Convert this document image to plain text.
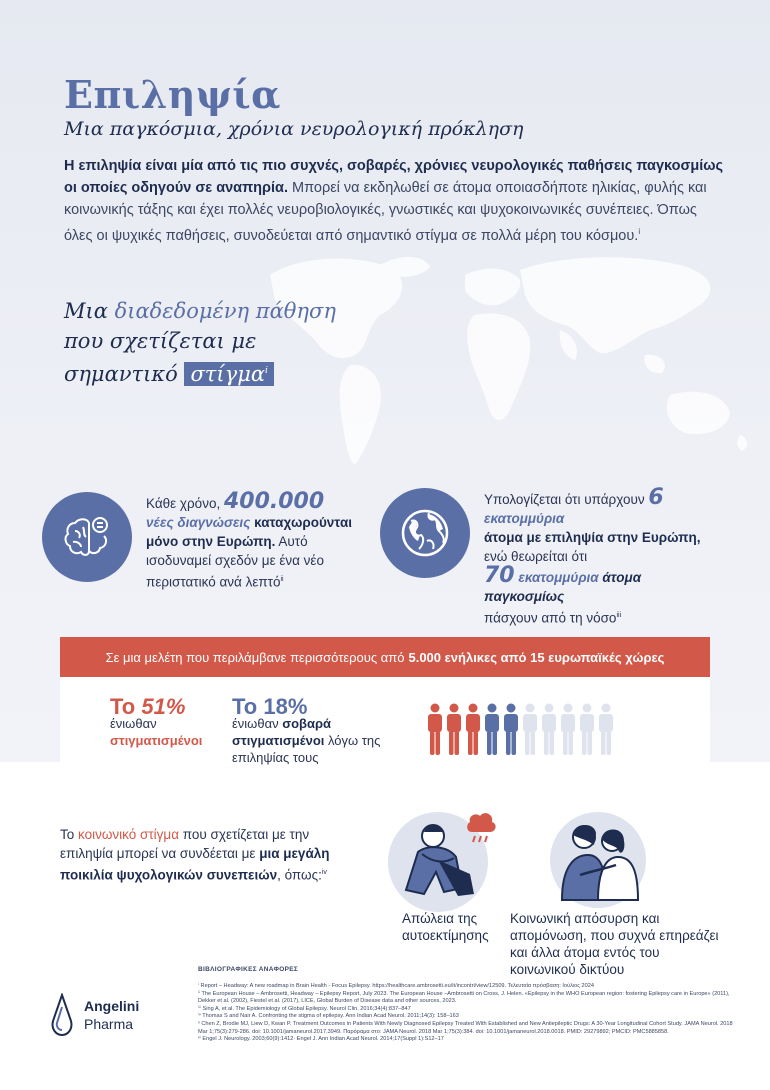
Επιληψία

Μια παγκόσμια, χρόνια νευρολογική πρόκληση

Η επιληψία είναι μία από τις πιο συχνές, σοβαρές, χρόνιες νευρολογικές παθήσεις παγκοσμίως οι οποίες οδηγούν σε αναπηρία. Μπορεί να εκδηλωθεί σε άτομα οποιασδήποτε ηλικίας, φυλής και κοινωνικής τάξης και έχει πολλές νευροβιολογικές, γνωστικές και ψυχοκοινωνικές συνέπειες. Όπως όλες οι ψυχικές παθήσεις, συνοδεύεται από σημαντικό στίγμα σε πολλά μέρη του κόσμου.$^i$

Μια διαδεδομένη πάθηση
που σχετίζεται με
σημαντικό στίγμα$^i$
Κάθε χρόνο, 400.000
νέες διαγνώσεις καταχωρούνται μόνο στην Ευρώπη. Αυτό ισοδυναμεί σχεδόν με ένα νέο περιστατικό ανά λεπτό$^{ii}$
Υπολογίζεται ότι υπάρχουν 6 εκατομμύρια
άτομα με επιληψία στην Ευρώπη,
ενώ θεωρείται ότι
70 εκατομμύρια άτομα παγκοσμίως
πάσχουν από τη νόσο$^{iii}$
Σε μια μελέτη που περιλάμβανε περισσότερους από 5.000 ενήλικες από 15 ευρωπαϊκές χώρες
Το 51%
ένιωθαν
στιγματισμένοι
Το 18%
ένιωθαν σοβαρά
στιγματισμένοι λόγω της
επιληψίας τους
Το κοινωνικό στίγμα που σχετίζεται με την επιληψία μπορεί να συνδέεται με μια μεγάλη ποικιλία ψυχολογικών συνεπειών, όπως:$^{iv}$
Απώλεια της αυτοεκτίμησης
Κοινωνική απόσυρση και απομόνωση, που συχνά επηρεάζει και άλλα άτομα εντός του κοινωνικού δικτύου
ΒΙΒΛΙΟΓΡΑΦΙΚΕΣ ΑΝΑΦΟΡΕΣ
ⁱ Report – Headway: A new roadmap in Brain Health - Focus Epilepsy. https://healthcare.ambrosetti.eu/it/incontri/view/12509. Τελευταία πρόσβαση: Ιούλιος 2024
ⁱⁱ The European House – Ambrosetti, Headway – Epilepsy Report, July 2023. The European House –Ambrosetti on Cross, J. Helen. «Epilepsy in the WHO European region: fostering Epilepsy care in Europe» (2011), Dekker et al. (2002), Fiestel et al. (2017), LICE, Global Burden of Disease data and other sources, 2023.
ⁱⁱⁱ Sing A, et al. The Epidemiology of Global Epilepsy. Neurol Clin. 2016;34(4):837–847
ⁱᵛ Thomas S and Nair A. Confronting the stigma of epilepsy. Ann Indian Acad Neurol. 2011;14(3): 158–163
ᵛ Chen Z, Brodie MJ, Liew D, Kwan P. Treatment Outcomes in Patients With Newly Diagnosed Epilepsy Treated With Established and New Antiepileptic Drugs: A 30-Year Longitudinal Cohort Study. JAMA Neurol. 2018 Mar 1;75(3):279-286. doi: 10.1001/jamaneurol.2017.3949. Παρόραμα στο: JAMA Neurol. 2018 Mar 1;75(3):384. doi: 10.1001/jamaneurol.2018.0018. PMID: 29279892; PMCID: PMC5885858.
ᵛⁱ Engel J. Neurology. 2003;60(9):1412· Engel J. Ann Indian Acad Neurol. 2014;17(Suppl 1):S12–17
Angelini
Pharma
